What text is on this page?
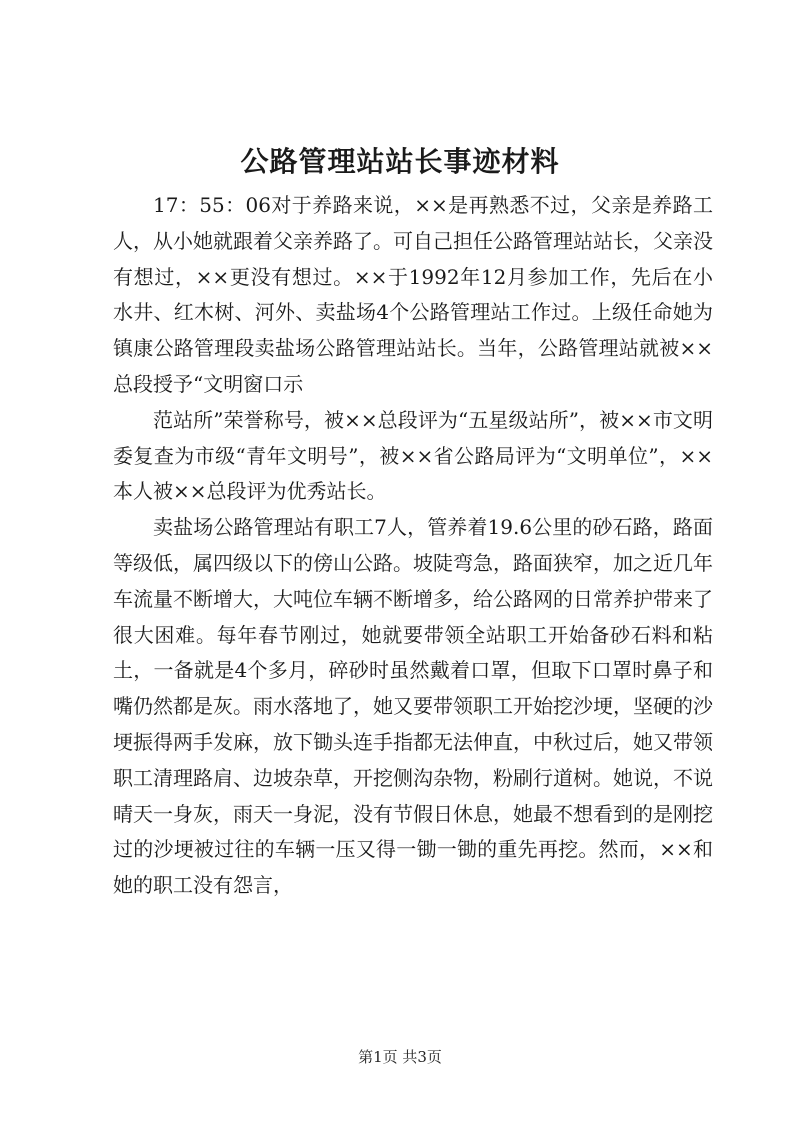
公路管理站站长事迹材料

17：55：06对于养路来说，××是再熟悉不过，父亲是养路工人，从小她就跟着父亲养路了。可自己担任公路管理站站长，父亲没有想过，××更没有想过。××于1992年12月参加工作，先后在小水井、红木树、河外、卖盐场4个公路管理站工作过。上级任命她为镇康公路管理段卖盐场公路管理站站长。当年，公路管理站就被××总段授予“文明窗口示

范站所”荣誉称号，被××总段评为“五星级站所”，被××市文明委复查为市级“青年文明号”，被××省公路局评为“文明单位”，××本人被××总段评为优秀站长。

卖盐场公路管理站有职工7人，管养着19.6公里的砂石路，路面等级低，属四级以下的傍山公路。坡陡弯急，路面狭窄，加之近几年车流量不断增大，大吨位车辆不断增多，给公路网的日常养护带来了很大困难。每年春节刚过，她就要带领全站职工开始备砂石料和粘土，一备就是4个多月，碎砂时虽然戴着口罩，但取下口罩时鼻子和嘴仍然都是灰。雨水落地了，她又要带领职工开始挖沙埂，坚硬的沙埂振得两手发麻，放下锄头连手指都无法伸直，中秋过后，她又带领职工清理路肩、边坡杂草，开挖侧沟杂物，粉刷行道树。她说，不说晴天一身灰，雨天一身泥，没有节假日休息，她最不想看到的是刚挖过的沙埂被过往的车辆一压又得一锄一锄的重先再挖。然而，××和她的职工没有怨言，

第1页 共3页
